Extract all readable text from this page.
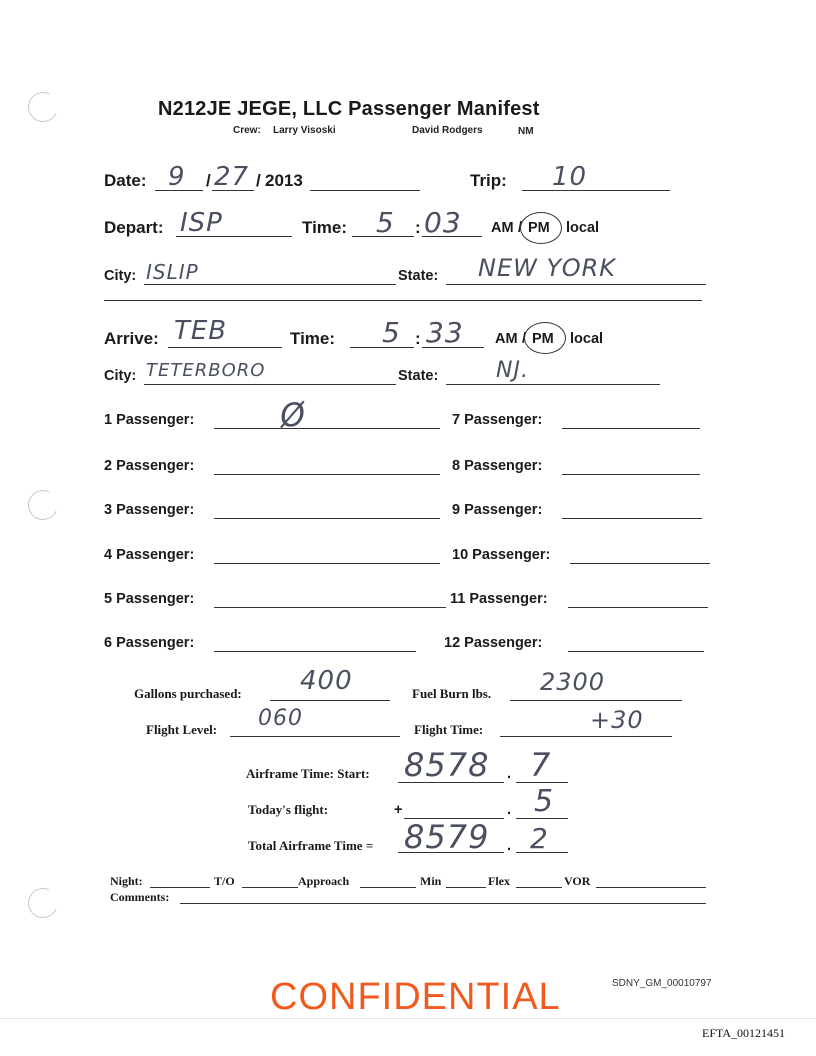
N212JE JEGE, LLC Passenger Manifest
Crew: Larry Visoski	David Rodgers	NM
Date: 9 / 27 / 2013	Trip: 10
Depart: ISP	Time: 5 : 03 AM / PM local
City: ISLIP	State: NEW YORK
Arrive: TEB	Time: 5 : 33 AM / PM local
City: TETERBORO	State:	NJ.
1 Passenger:	Ø
2 Passenger:
3 Passenger:
4 Passenger:
5 Passenger:
6 Passenger:
7 Passenger:
8 Passenger:
9 Passenger:
10 Passenger:
11 Passenger:
12 Passenger:
Gallons purchased: 400	Fuel Burn lbs. 2300
Flight Level: 060	Flight Time:	+30
Airframe Time: Start: 8578 . 7
Today's flight:	+	. 5
Total Airframe Time = 8579 . 2
Night:	T/O	Approach	Min	Flex	VOR
Comments:
CONFIDENTIAL	SDNY_GM_00010797
EFTA_00121451
